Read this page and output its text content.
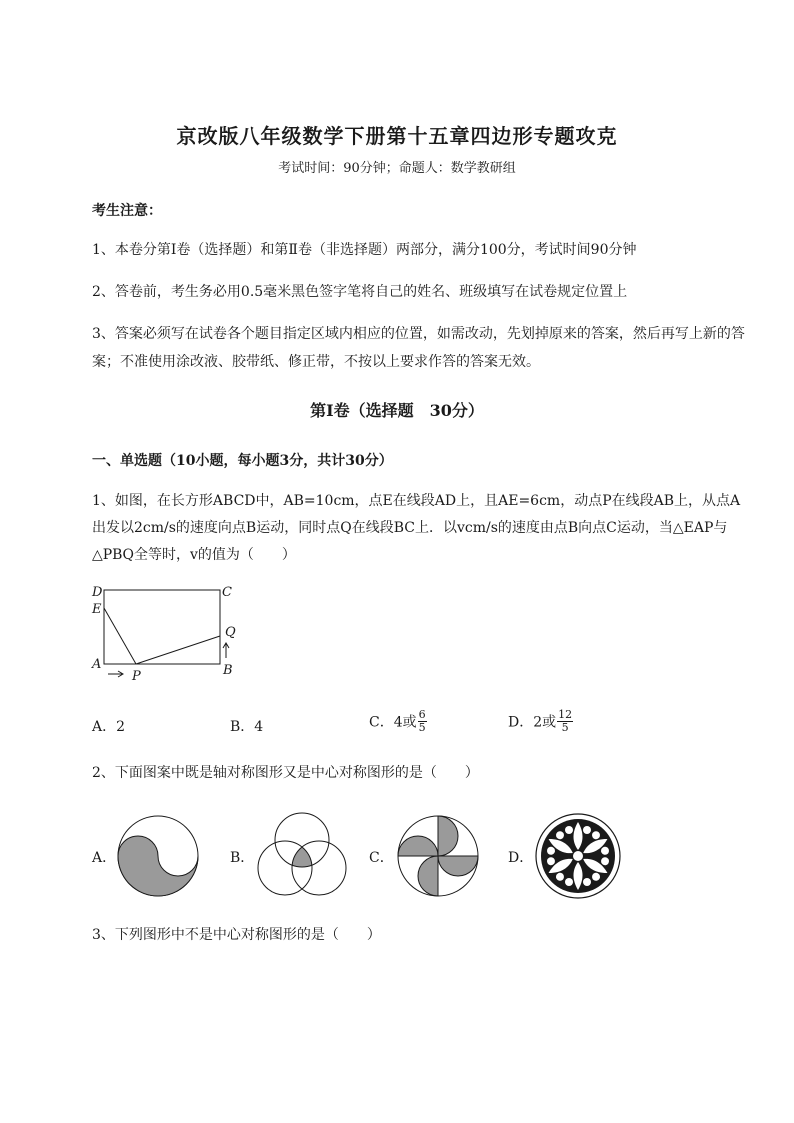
京改版八年级数学下册第十五章四边形专题攻克
考试时间：90分钟；命题人：数学教研组
考生注意：
1、本卷分第I卷（选择题）和第Ⅱ卷（非选择题）两部分，满分100分，考试时间90分钟
2、答卷前，考生务必用0.5毫米黑色签字笔将自己的姓名、班级填写在试卷规定位置上
3、答案必须写在试卷各个题目指定区域内相应的位置，如需改动，先划掉原来的答案，然后再写上新的答案；不准使用涂改液、胶带纸、修正带，不按以上要求作答的答案无效。
第I卷（选择题　30分）
一、单选题（10小题，每小题3分，共计30分）
1、如图，在长方形ABCD中，AB=10cm，点E在线段AD上，且AE=6cm，动点P在线段AB上，从点A出发以2cm/s的速度向点B运动，同时点Q在线段BC上．以vcm/s的速度由点B向点C运动，当△EAP与△PBQ全等时，v的值为（　　）
D	C
E
Q
A	B
P
A．2	B．4	C．4或 $\frac{6}{5}$	D．2或 $\frac{12}{5}$
2、下面图案中既是轴对称图形又是中心对称图形的是（　　）
A．	B．	C．	D．
3、下列图形中不是中心对称图形的是（　　）
